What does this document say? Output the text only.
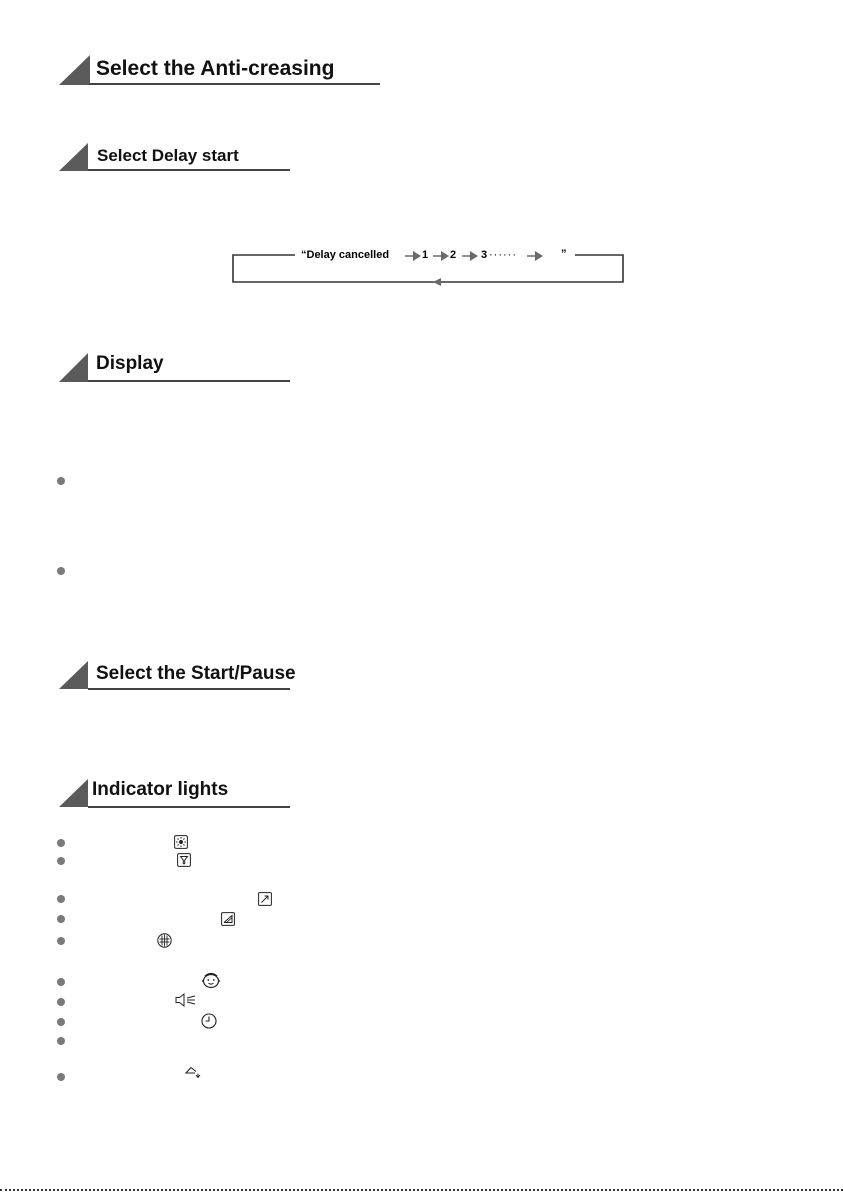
Select the Anti-creasing
Select Delay start
“Delay cancelled	1 2 3 ······	”
Display
Select the Start/Pause
Indicator lights
